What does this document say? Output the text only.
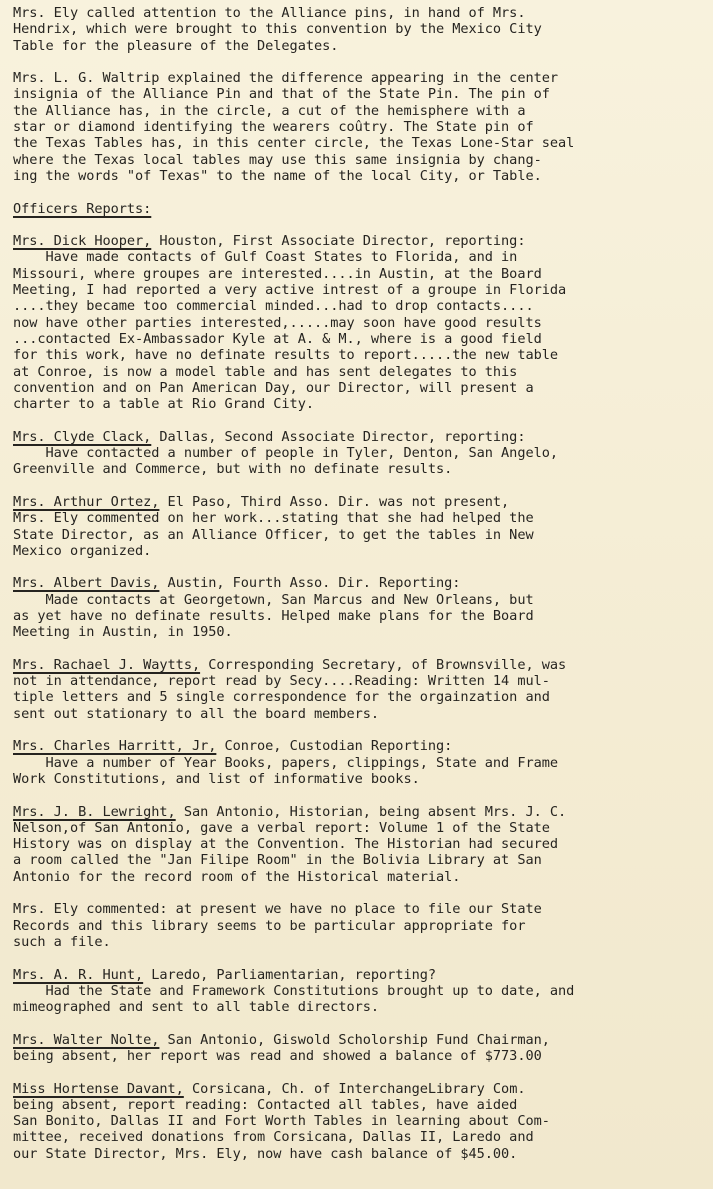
Mrs. Ely called attention to the Alliance pins, in hand of Mrs.
Hendrix, which were brought to this convention by the Mexico City
Table for the pleasure of the Delegates.
Mrs. L. G. Waltrip explained the difference appearing in the center
insignia of the Alliance Pin and that of the State Pin. The pin of
the Alliance has, in the circle, a cut of the hemisphere with a
star or diamond identifying the wearers coûtry. The State pin of
the Texas Tables has, in this center circle, the Texas Lone-Star seal
where the Texas local tables may use this same insignia by chang-
ing the words "of Texas" to the name of the local City, or Table.
Officers Reports:
Mrs. Dick Hooper, Houston, First Associate Director, reporting:
Have made contacts of Gulf Coast States to Florida, and in
Missouri, where groupes are interested....in Austin, at the Board
Meeting, I had reported a very active intrest of a groupe in Florida
....they became too commercial minded...had to drop contacts....
now have other parties interested,.....may soon have good results
...contacted Ex-Ambassador Kyle at A. & M., where is a good field
for this work, have no definate results to report.....the new table
at Conroe, is now a model table and has sent delegates to this
convention and on Pan American Day, our Director, will present a
charter to a table at Rio Grand City.
Mrs. Clyde Clack, Dallas, Second Associate Director, reporting:
Have contacted a number of people in Tyler, Denton, San Angelo,
Greenville and Commerce, but with no definate results.
Mrs. Arthur Ortez, El Paso, Third Asso. Dir. was not present,
Mrs. Ely commented on her work...stating that she had helped the
State Director, as an Alliance Officer, to get the tables in New
Mexico organized.
Mrs. Albert Davis, Austin, Fourth Asso. Dir. Reporting:
Made contacts at Georgetown, San Marcus and New Orleans, but
as yet have no definate results. Helped make plans for the Board
Meeting in Austin, in 1950.
Mrs. Rachael J. Waytts, Corresponding Secretary, of Brownsville, was
not in attendance, report read by Secy....Reading: Written 14 mul-
tiple letters and 5 single correspondence for the orgainzation and
sent out stationary to all the board members.
Mrs. Charles Harritt, Jr, Conroe, Custodian Reporting:
Have a number of Year Books, papers, clippings, State and Frame
Work Constitutions, and list of informative books.
Mrs. J. B. Lewright, San Antonio, Historian, being absent Mrs. J. C.
Nelson,of San Antonio, gave a verbal report: Volume 1 of the State
History was on display at the Convention. The Historian had secured
a room called the "Jan Filipe Room" in the Bolivia Library at San
Antonio for the record room of the Historical material.
Mrs. Ely commented: at present we have no place to file our State
Records and this library seems to be particular appropriate for
such a file.
Mrs. A. R. Hunt, Laredo, Parliamentarian, reporting?
Had the State and Framework Constitutions brought up to date, and
mimeographed and sent to all table directors.
Mrs. Walter Nolte, San Antonio, Giswold Scholorship Fund Chairman,
being absent, her report was read and showed a balance of $773.00
Miss Hortense Davant, Corsicana, Ch. of InterchangeLibrary Com.
being absent, report reading: Contacted all tables, have aided
San Bonito, Dallas II and Fort Worth Tables in learning about Com-
mittee, received donations from Corsicana, Dallas II, Laredo and
our State Director, Mrs. Ely, now have cash balance of $45.00.
